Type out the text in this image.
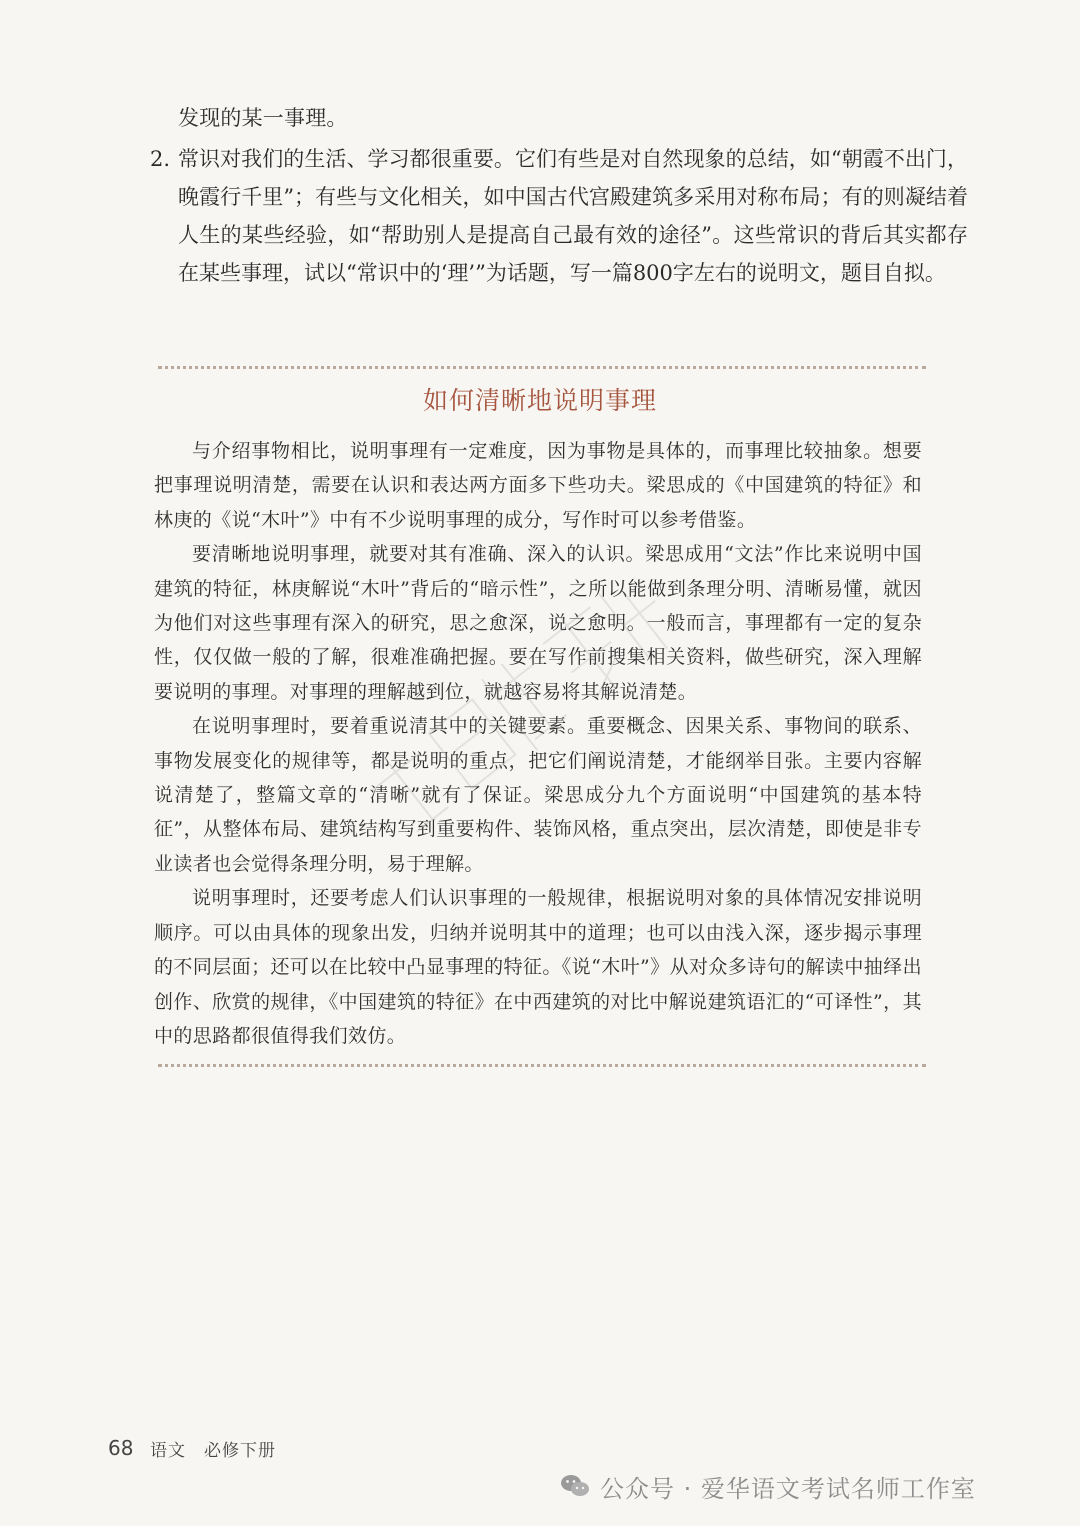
发现的某一事理。
2. 常识对我们的生活、学习都很重要。它们有些是对自然现象的总结，如“朝霞不出门，晚霞行千里”；有些与文化相关，如中国古代宫殿建筑多采用对称布局；有的则凝结着人生的某些经验，如“帮助别人是提高自己最有效的途径”。这些常识的背后其实都存在某些事理，试以“常识中的‘理’”为话题，写一篇800字左右的说明文，题目自拟。
如何清晰地说明事理

与介绍事物相比，说明事理有一定难度，因为事物是具体的，而事理比较抽象。想要把事理说明清楚，需要在认识和表达两方面多下些功夫。梁思成的《中国建筑的特征》和林庚的《说“木叶”》中有不少说明事理的成分，写作时可以参考借鉴。

要清晰地说明事理，就要对其有准确、深入的认识。梁思成用“文法”作比来说明中国建筑的特征，林庚解说“木叶”背后的“暗示性”，之所以能做到条理分明、清晰易懂，就因为他们对这些事理有深入的研究，思之愈深，说之愈明。一般而言，事理都有一定的复杂性，仅仅做一般的了解，很难准确把握。要在写作前搜集相关资料，做些研究，深入理解要说明的事理。对事理的理解越到位，就越容易将其解说清楚。

在说明事理时，要着重说清其中的关键要素。重要概念、因果关系、事物间的联系、事物发展变化的规律等，都是说明的重点，把它们阐说清楚，才能纲举目张。主要内容解说清楚了，整篇文章的“清晰”就有了保证。梁思成分九个方面说明“中国建筑的基本特征”，从整体布局、建筑结构写到重要构件、装饰风格，重点突出，层次清楚，即使是非专业读者也会觉得条理分明，易于理解。

说明事理时，还要考虑人们认识事理的一般规律，根据说明对象的具体情况安排说明顺序。可以由具体的现象出发，归纳并说明其中的道理；也可以由浅入深，逐步揭示事理的不同层面；还可以在比较中凸显事理的特征。《说“木叶”》从对众多诗句的解读中抽绎出创作、欣赏的规律，《中国建筑的特征》在中西建筑的对比中解说建筑语汇的“可译性”，其中的思路都很值得我们效仿。

68 语文 必修下册
公众号 · 爱华语文考试名师工作室
